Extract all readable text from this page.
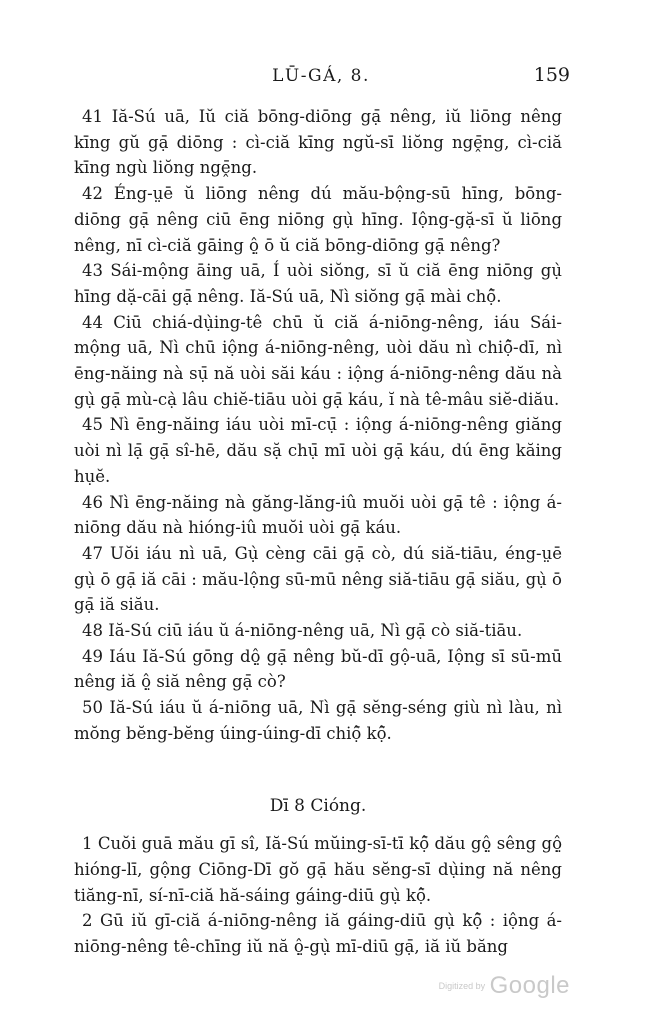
LŪ-GÁ, 8.	159

41 Iă-Sú uā, Iŭ ciă bōng-diōng gạ̄ nêng, iŭ liōng nêng kīng gŭ gạ̄ diōng : cì-ciă kīng ngŭ-sī liŏng ngḙ̄ng, cì-ciă kīng ngù liŏng ngḙ̄ng.

42 Éng-ṳē ŭ liōng nêng dú mău-bộng-sū hīng, bōng-diōng gạ̄ nêng ciū ēng niōng gụ̀ hīng. Iộng-gặ-sī ŭ liōng nêng, nī cì-ciă gāing ộ̤ ō ŭ ciă bōng-diōng gạ̄ nêng?

43 Sái-mộng āing uā, Í uòi siŏng, sī ŭ ciă ēng niōng gụ̀ hīng dặ-cāi gạ̄ nêng. Iă-Sú uā, Nì siŏng gạ̄ mài chộ̄.

44 Ciū chiá-dụ̀ing-tê chū ŭ ciă á-niōng-nêng, iáu Sái-mộng uā, Nì chū iộng á-niōng-nêng, uòi dău nì chiộ̄-dī, nì ēng-năing nà sụ̄ nă uòi săi káu : iộng á-niōng-nêng dău nà gụ̀ gạ̄ mù-cạ̀ lâu chiĕ-tiāu uòi gạ̄ káu, ĭ nà tê-mâu siĕ-diău.

45 Nì ēng-năing iáu uòi mī-cụ̄ : iộng á-niōng-nêng giăng uòi nì lạ̄ gạ̄ sî-hē, dău sặ chụ̄ mī uòi gạ̄ káu, dú ēng kăing hụĕ.

46 Nì ēng-năing nà găng-lăng-iû muŏi uòi gạ̄ tê : iộng á-niōng dău nà hióng-iû muŏi uòi gạ̄ káu.

47 Uŏi iáu nì uā, Gụ̀ cèng cāi gạ̄ cò, dú siă-tiāu, éng-ṳē gụ̀ ō gạ̄ iă cāi : mău-lộng sū-mū nêng siă-tiāu gạ̄ siău, gụ̀ ō gạ̄ iă siău.

48 Iă-Sú ciū iáu ŭ á-niōng-nêng uā, Nì gạ̄ cò siă-tiāu.

49 Iáu Iă-Sú gōng dộ̤ gạ̄ nêng bŭ-dī gộ-uā, Iộng sī sū-mū nêng iă ộ̤ siă nêng gạ̄ cò?

50 Iă-Sú iáu ŭ á-niōng uā, Nì gạ̄ sĕng-séng giù nì làu, nì mŏng bĕng-bĕng úing-úing-dī chiộ̄ kộ̄.

Dī 8 Cióng.

1 Cuŏi guā mău gī sî, Iă-Sú mŭing-sī-tī kộ̄ dău gộ̤ sêng gộ̤ hióng-lī, gộng Ciōng-Dī gŏ gạ̄ hău sĕng-sī dụ̀ing nă nêng tiăng-nī, sí-nī-ciă hă-sáing gáing-diū gụ̀ kộ̄.

2 Gū iŭ gī-ciă á-niōng-nêng iă gáing-diū gụ̀ kộ̄ : iộng á-niōng-nêng tê-chīng iŭ nă ộ̤-gụ̀ mī-diū gạ̄, iă iŭ băng

Digitized by Google
